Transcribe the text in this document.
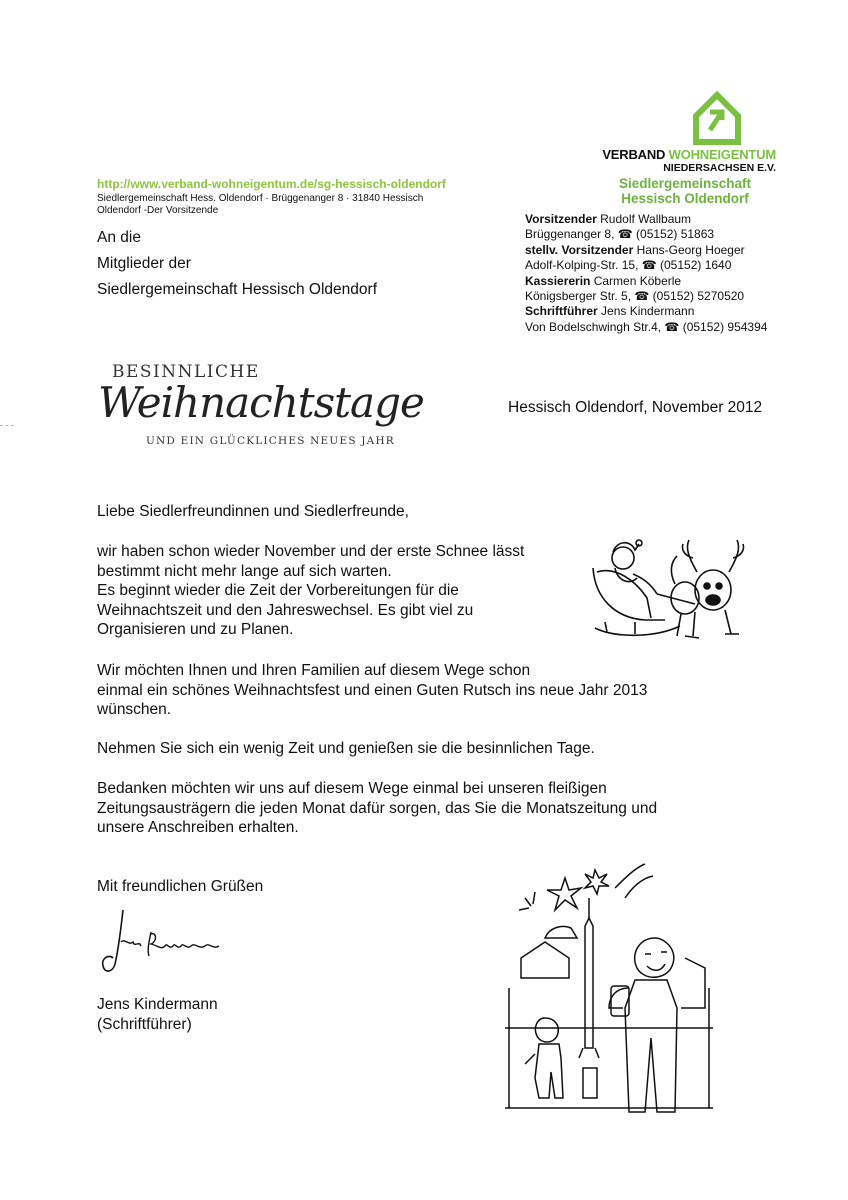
VERBAND WOHNEIGENTUM
NIEDERSACHSEN E.V.
Siedlergemeinschaft
Hessisch Oldendorf
http://www.verband-wohneigentum.de/sg-hessisch-oldendorf
Siedlergemeinschaft Hess. Oldendorf · Brüggenanger 8 · 31840 Hessisch Oldendorf -Der Vorsitzende
An die
Mitglieder der
Siedlergemeinschaft Hessisch Oldendorf
Vorsitzender Rudolf Wallbaum
Brüggenanger 8, ☎ (05152) 51863
stellv. Vorsitzender Hans-Georg Hoeger
Adolf-Kolping-Str. 15, ☎ (05152) 1640
Kassiererin Carmen Köberle
Königsberger Str. 5, ☎ (05152) 5270520
Schriftführer Jens Kindermann
Von Bodelschwingh Str.4, ☎ (05152) 954394
BESINNLICHE
Weihnachtstage
UND EIN GLÜCKLICHES NEUES JAHR
Hessisch Oldendorf, November 2012
Liebe Siedlerfreundinnen und Siedlerfreunde,
wir haben schon wieder November und der erste Schnee lässt
bestimmt nicht mehr lange auf sich warten.
Es beginnt wieder die Zeit der Vorbereitungen für die
Weihnachtszeit und den Jahreswechsel. Es gibt viel zu
Organisieren und zu Planen.
Wir möchten Ihnen und Ihren Familien auf diesem Wege schon
einmal ein schönes Weihnachtsfest und einen Guten Rutsch ins neue Jahr 2013
wünschen.
Nehmen Sie sich ein wenig Zeit und genießen sie die besinnlichen Tage.
Bedanken möchten wir uns auf diesem Wege einmal bei unseren fleißigen
Zeitungsausträgern die jeden Monat dafür sorgen, das Sie die Monatszeitung und
unsere Anschreiben erhalten.
Mit freundlichen Grüßen
Jens Kindermann
(Schriftführer)
